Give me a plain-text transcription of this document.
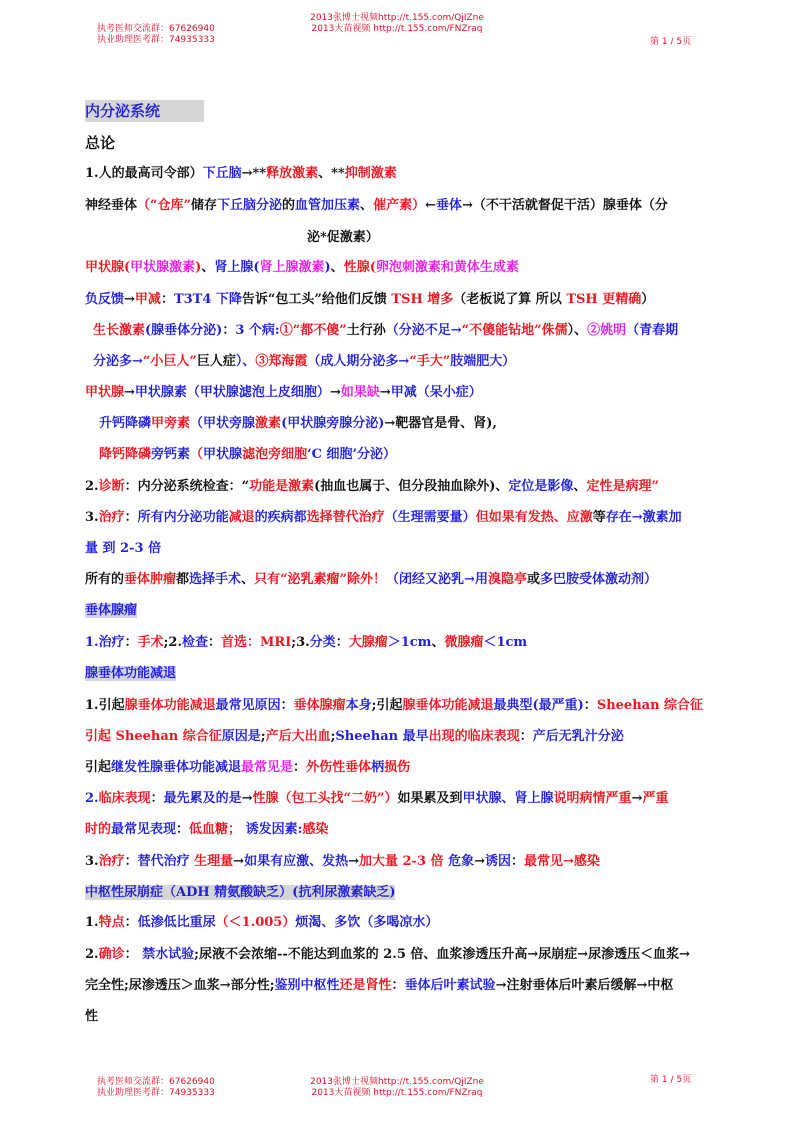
执考医师交流群：67626940
执业助理医考群：74935333
2013张博士视频http://t.155.com/QjIZne
2013大苗视频 http://t.155.com/FNZraq
第 1 / 5页
内分泌系统
总论
1.人的最高司令部）下丘脑→**释放激素、**抑制激素
神经垂体（“仓库”储存下丘脑分泌的血管加压素、催产素）←垂体→（不干活就督促干活）腺垂体（分
泌*促激素）
甲状腺(甲状腺激素)、肾上腺(肾上腺激素)、性腺(卵泡刺激素和黄体生成素
负反馈→甲减：T3T4 下降告诉“包工头”给他们反馈 TSH 增多（老板说了算 所以 TSH 更精确）
生长激素(腺垂体分泌)：3 个病:①“都不傻”土行孙（分泌不足→“不傻能钻地”侏儒）、②姚明（青春期
分泌多→“小巨人”巨人症）、③郑海霞（成人期分泌多→“手大”肢端肥大）
甲状腺→甲状腺素（甲状腺滤泡上皮细胞）→如果缺→甲减（呆小症）
升钙降磷甲旁素（甲状旁腺激素(甲状腺旁腺分泌)→靶器官是骨、肾),
降钙降磷旁钙素（甲状腺滤泡旁细胞‘C 细胞’分泌）
2.诊断：内分泌系统检查：“功能是激素(抽血也属于、但分段抽血除外)、定位是影像、定性是病理”
3.治疗：所有内分泌功能减退的疾病都选择替代治疗（生理需要量）但如果有发热、应激等存在→激素加
量 到 2-3 倍
所有的垂体肿瘤都选择手术、只有“泌乳素瘤”除外！（闭经又泌乳→用溴隐亭或多巴胺受体激动剂）
垂体腺瘤
1.治疗：手术;2.检查：首选：MRI;3.分类：大腺瘤＞1cm、微腺瘤＜1cm
腺垂体功能减退
1.引起腺垂体功能减退最常见原因：垂体腺瘤本身;引起腺垂体功能减退最典型(最严重)：Sheehan 综合征
引起 Sheehan 综合征原因是;产后大出血;Sheehan 最早出现的临床表现：产后无乳汁分泌
引起继发性腺垂体功能减退最常见是：外伤性垂体柄损伤
2.临床表现：最先累及的是→性腺（包工头找“二奶”）如果累及到甲状腺、肾上腺说明病情严重→严重
时的最常见表现：低血糖； 诱发因素:感染
3.治疗：替代治疗 生理量→如果有应激、发热→加大量 2-3 倍 危象→诱因：最常见→感染
中枢性尿崩症（ADH 精氨酸缺乏）(抗利尿激素缺乏)
1.特点：低渗低比重尿（＜1.005）烦渴、多饮（多喝凉水）
2.确诊： 禁水试验;尿液不会浓缩--不能达到血浆的 2.5 倍、血浆渗透压升高→尿崩症→尿渗透压＜血浆→
完全性;尿渗透压＞血浆→部分性;鉴别中枢性还是肾性：垂体后叶素试验→注射垂体后叶素后缓解→中枢
性
执考医师交流群：67626940
执业助理医考群：74935333
2013张博士视频http://t.155.com/QjIZne
2013大苗视频 http://t.155.com/FNZraq
第 1 / 5页
